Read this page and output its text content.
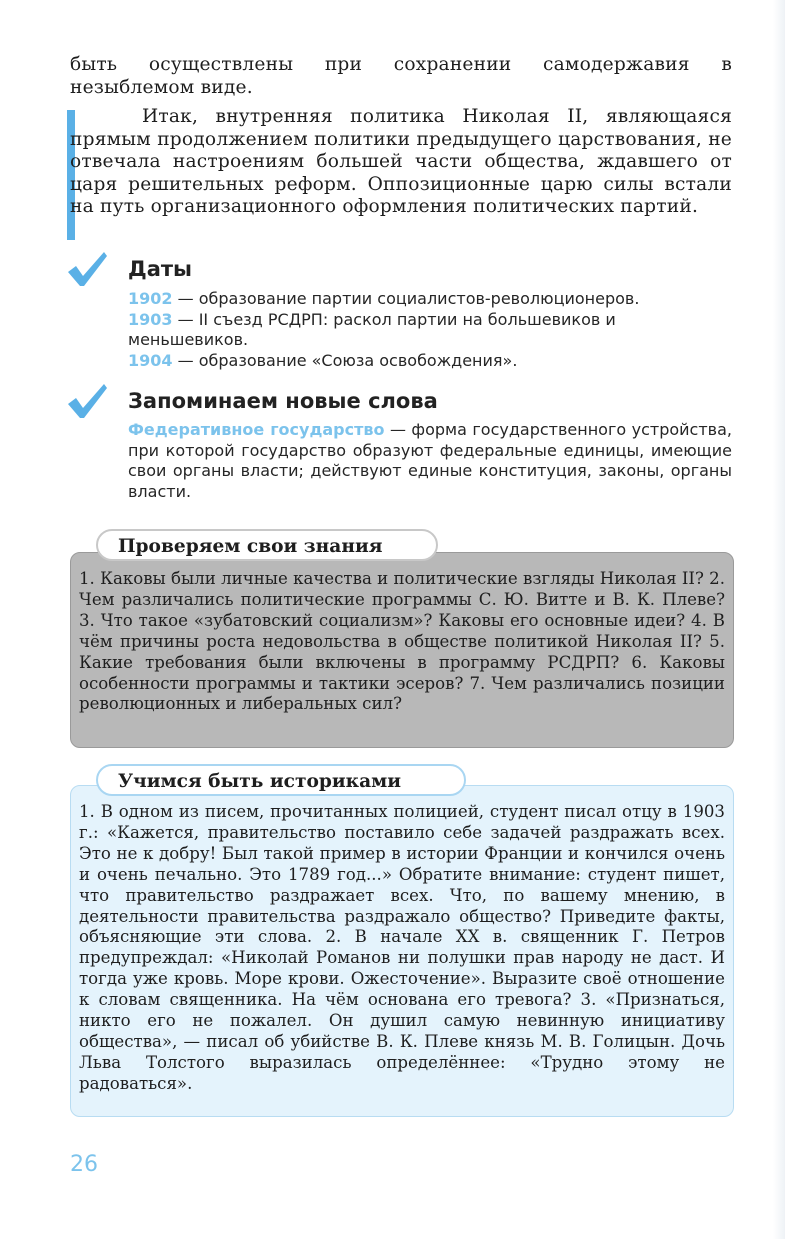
быть осуществлены при сохранении самодержавия в незыблемом виде.
Итак, внутренняя политика Николая II, являющаяся прямым продолжением политики предыдущего царствования, не отвечала настроениям большей части общества, ждавшего от царя решительных реформ. Оппозиционные царю силы встали на путь организационного оформления политических партий.
Даты

1902 — образование партии социалистов-революционеров.

1903 — II съезд РСДРП: раскол партии на большевиков и меньшевиков.

1904 — образование «Союза освобождения».

Запоминаем новые слова
Федеративное государство — форма государственного устройства, при которой государство образуют федеральные единицы, имеющие свои органы власти; действуют единые конституция, законы, органы власти.
1. Каковы были личные качества и политические взгляды Николая II? 2. Чем различались политические программы С. Ю. Витте и В. К. Плеве? 3. Что такое «зубатовский социализм»? Каковы его основные идеи? 4. В чём причины роста недовольства в обществе политикой Николая II? 5. Какие требования были включены в программу РСДРП? 6. Каковы особенности программы и тактики эсеров? 7. Чем различались позиции революционных и либеральных сил?
Проверяем свои знания
1. В одном из писем, прочитанных полицией, студент писал отцу в 1903 г.: «Кажется, правительство поставило себе задачей раздражать всех. Это не к добру! Был такой пример в истории Франции и кончился очень и очень печально. Это 1789 год...» Обратите внимание: студент пишет, что правительство раздражает всех. Что, по вашему мнению, в деятельности правительства раздражало общество? Приведите факты, объясняющие эти слова. 2. В начале XX в. священник Г. Петров предупреждал: «Николай Романов ни полушки прав народу не даст. И тогда уже кровь. Море крови. Ожесточение». Выразите своё отношение к словам священника. На чём основана его тревога? 3. «Признаться, никто его не пожалел. Он душил самую невинную инициативу общества», — писал об убийстве В. К. Плеве князь М. В. Голицын. Дочь Льва Толстого выразилась определённее: «Трудно этому не радоваться».
Учимся быть историками
26
